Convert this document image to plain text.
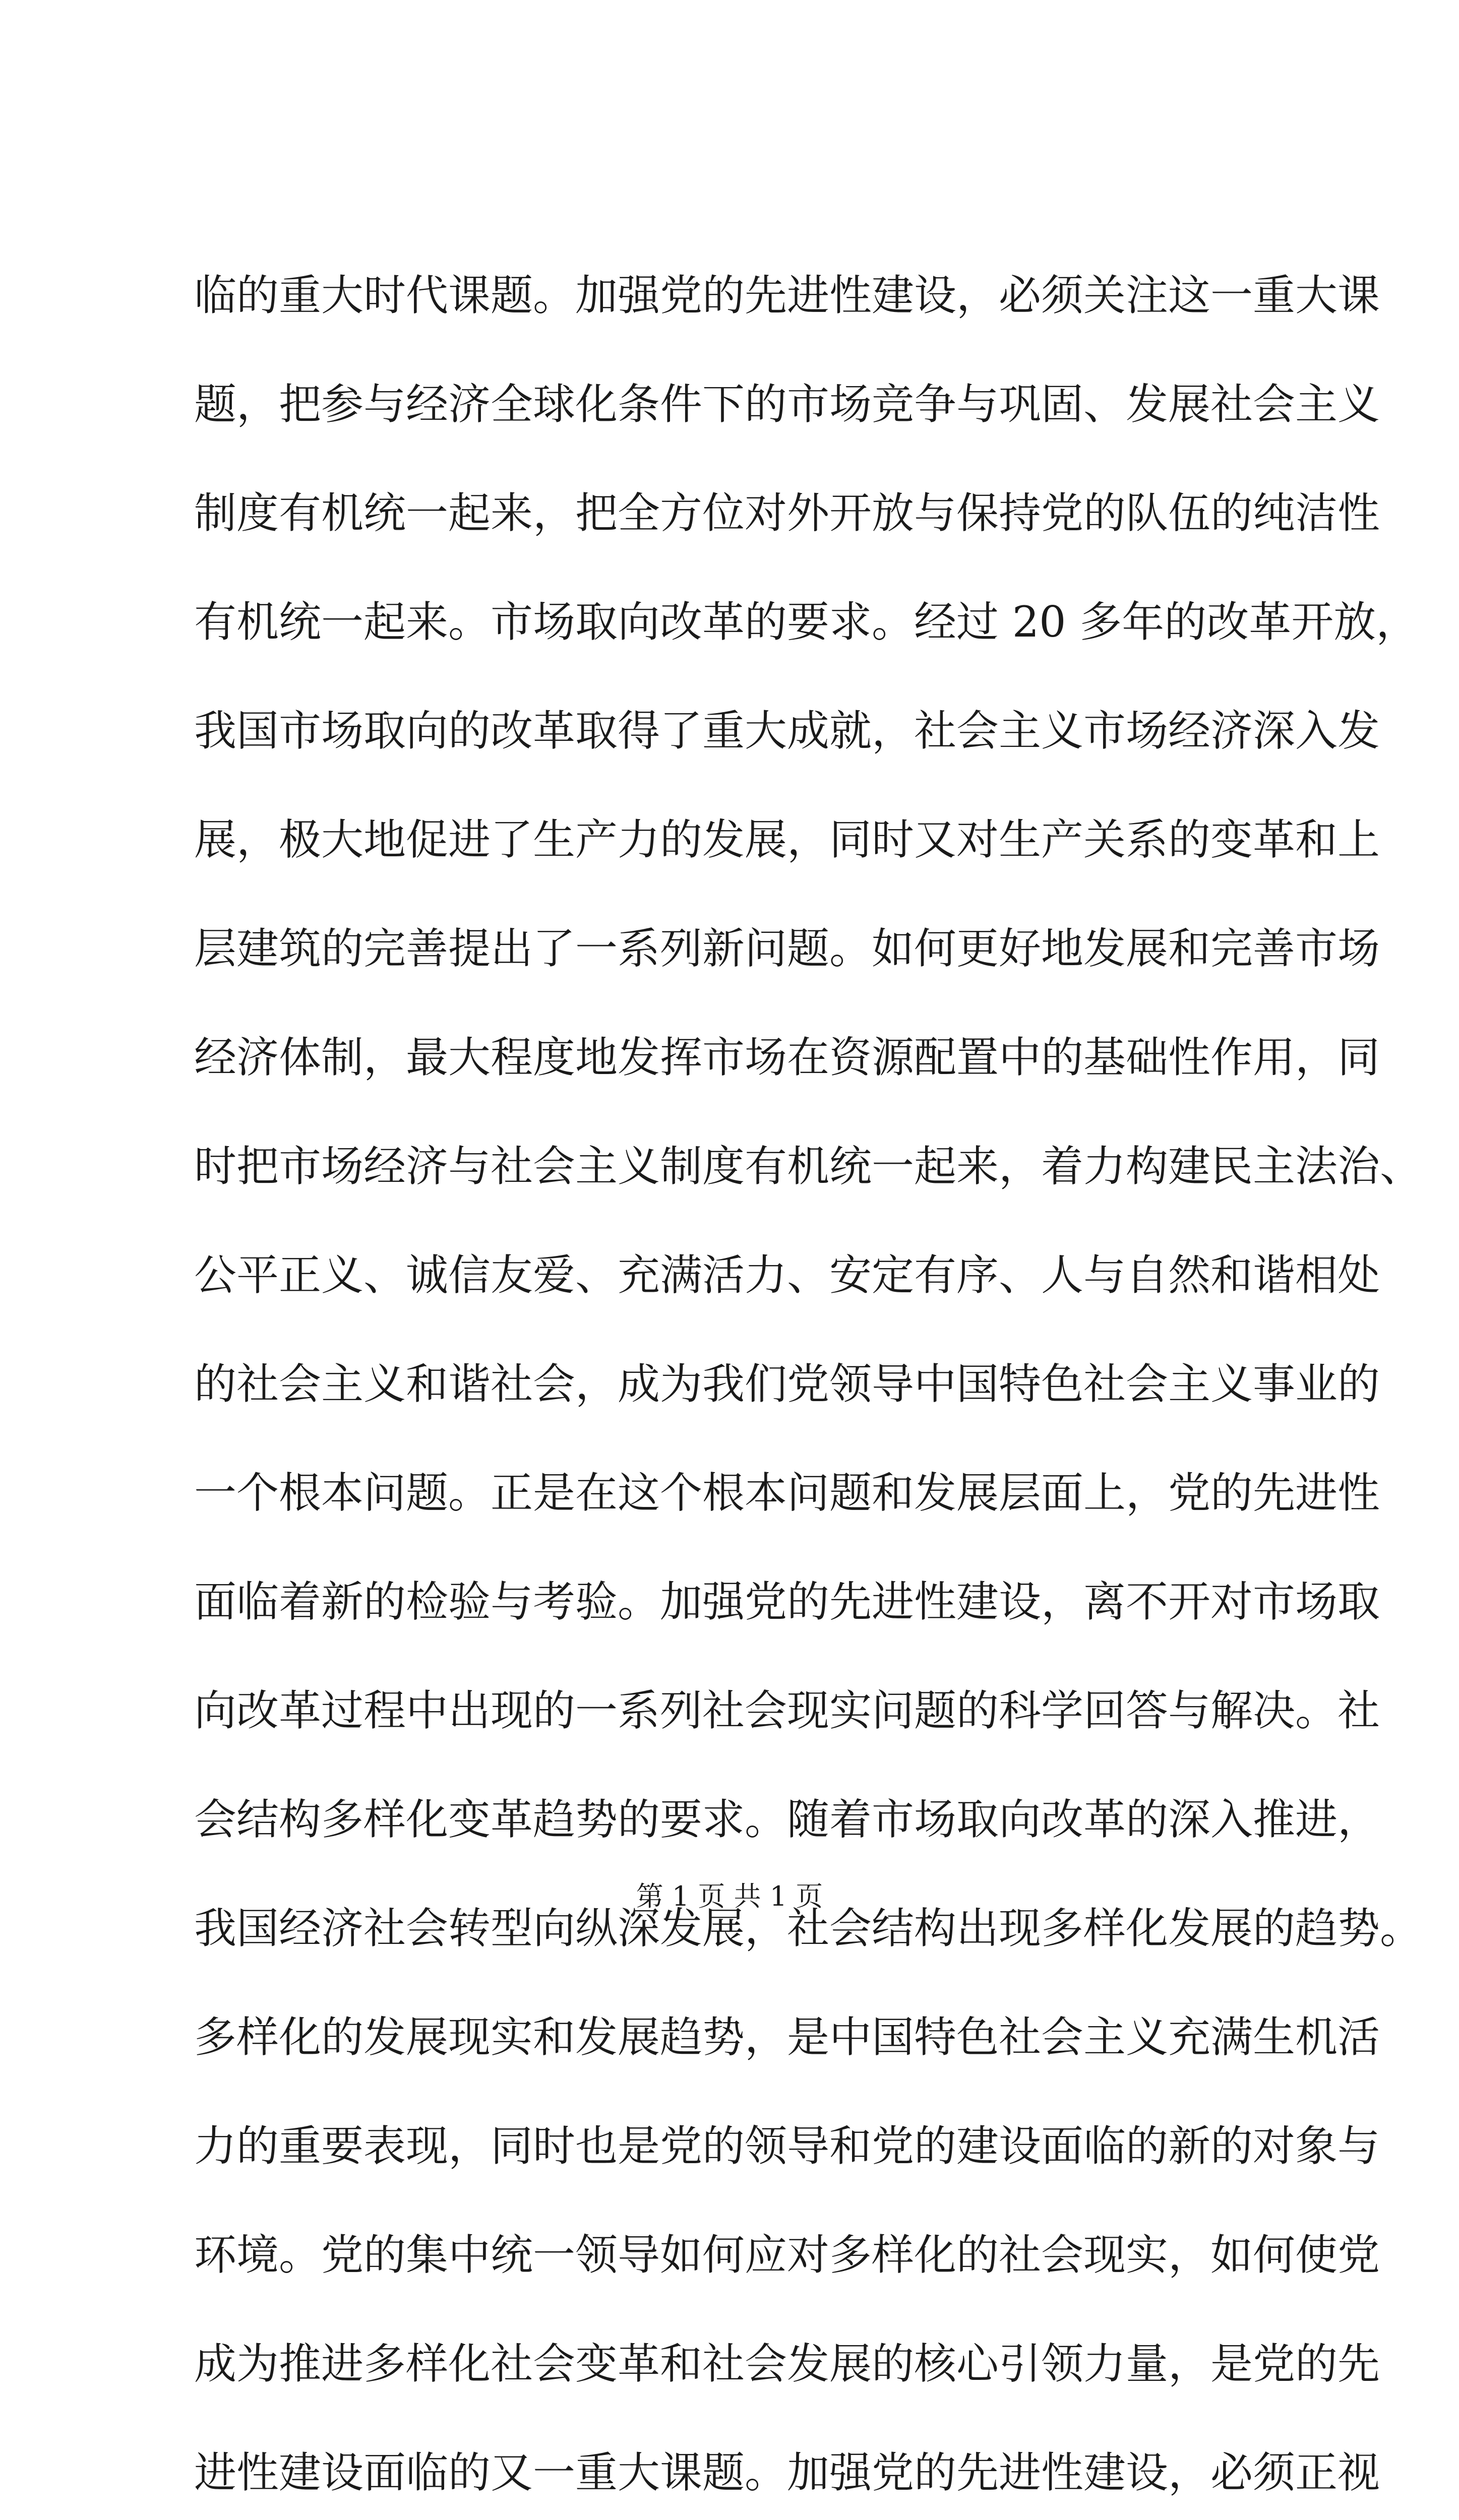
临的重大时代课题。加强党的先进性建设，必须关注这一重大课
题，把参与经济全球化条件下的市场竞争与巩固、发展社会主义
制度有机统一起来，把全方位对外开放与保持党的队伍的纯洁性
有机统一起来。市场取向改革的要求。经过 20 多年的改革开放，
我国市场取向的改革取得了重大成就，社会主义市场经济深入发
展，极大地促进了生产力的发展，同时又对生产关系的变革和上
层建筑的完善提出了一系列新问题。如何更好地发展和完善市场
经济体制，最大程度地发挥市场在资源配置中的基础性作用，同
时把市场经济与社会主义制度有机统一起来，着力构建民主法治、
公平正义、诚信友爱、充满活力、安定有序、人与自然和谐相处
的社会主义和谐社会，成为我们党领导中国特色社会主义事业的
一个根本问题。正是在这个根本问题和发展层面上，党的先进性
面临着新的检验与考验。加强党的先进性建设，离不开对市场取
向改革过程中出现的一系列社会现实问题的科学回答与解决。社
会结构多样化变革趋势的要求。随着市场取向改革的深入推进，
我国经济社会转型向纵深发展，社会结构出现多样化发展的趋势。
多样化的发展现实和发展趋势，是中国特色社会主义充满生机活
力的重要表现，同时也是党的领导和党的建设面临的新的对象与
环境。党的集中统一领导如何应对多样化的社会现实，如何使党
成为推进多样化社会变革和社会发展的核心引领力量，是党的先
进性建设面临的又一重大课题。加强党的先进性建设，必须正视
第 1 页 共 1 页
